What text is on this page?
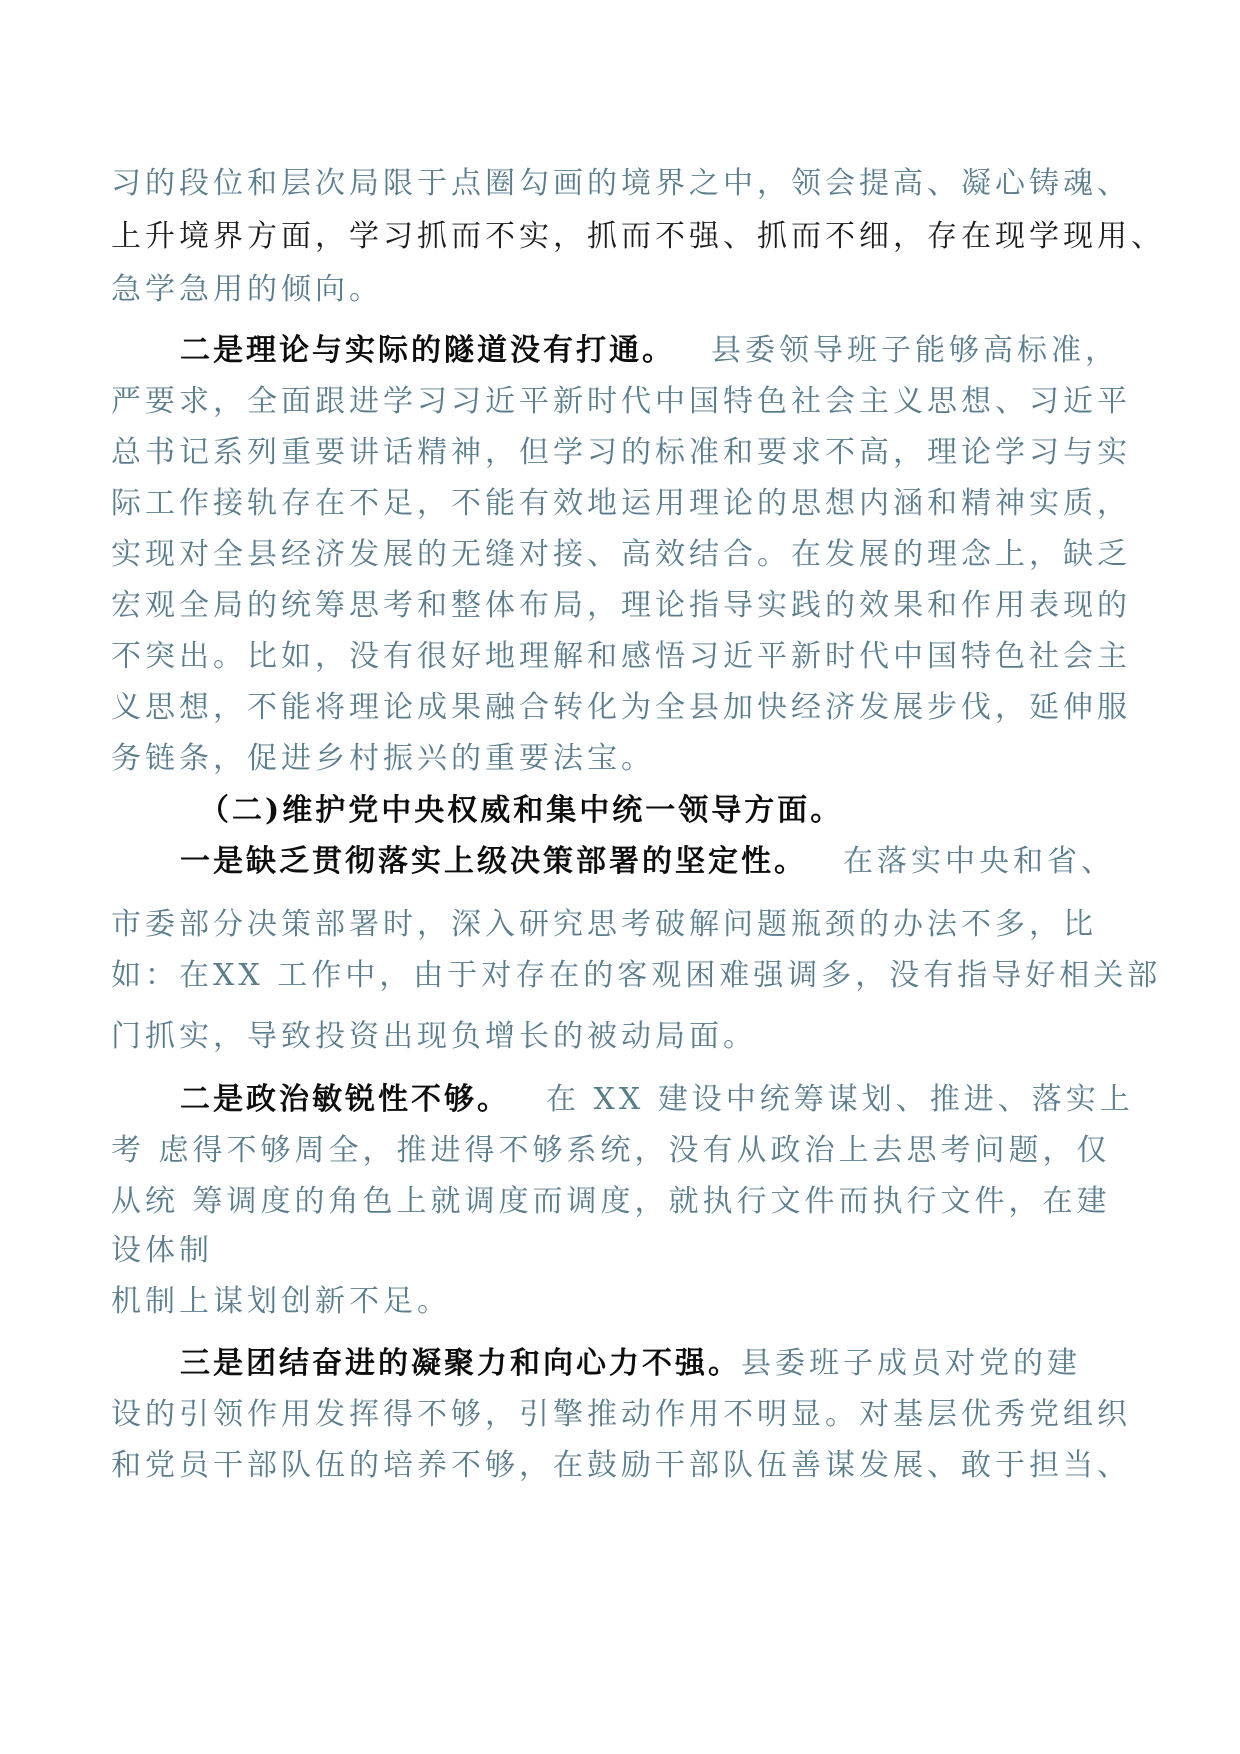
习的段位和层次局限于点圈勾画的境界之中，领会提高、凝心铸魂、

上升境界方面，学习抓而不实，抓而不强、抓而不细，存在现学现用、

急学急用的倾向。

二是理论与实际的隧道没有打通。 县委领导班子能够高标准，

严要求，全面跟进学习习近平新时代中国特色社会主义思想、习近平

总书记系列重要讲话精神，但学习的标准和要求不高，理论学习与实

际工作接轨存在不足，不能有效地运用理论的思想内涵和精神实质，

实现对全县经济发展的无缝对接、高效结合。在发展的理念上，缺乏

宏观全局的统筹思考和整体布局，理论指导实践的效果和作用表现的

不突出。比如，没有很好地理解和感悟习近平新时代中国特色社会主

义思想，不能将理论成果融合转化为全县加快经济发展步伐，延伸服

务链条，促进乡村振兴的重要法宝。

（二)维护党中央权威和集中统一领导方面。

一是缺乏贯彻落实上级决策部署的坚定性。 在落实中央和省、

市委部分决策部署时，深入研究思考破解问题瓶颈的办法不多，比

如：在XX 工作中，由于对存在的客观困难强调多，没有指导好相关部

门抓实，导致投资出现负增长的被动局面。

二是政治敏锐性不够。 在 XX 建设中统筹谋划、推进、落实上

考 虑得不够周全，推进得不够系统，没有从政治上去思考问题，仅

从统 筹调度的角色上就调度而调度，就执行文件而执行文件，在建

设体制

机制上谋划创新不足。

三是团结奋进的凝聚力和向心力不强。县委班子成员对党的建

设的引领作用发挥得不够，引擎推动作用不明显。对基层优秀党组织

和党员干部队伍的培养不够，在鼓励干部队伍善谋发展、敢于担当、
